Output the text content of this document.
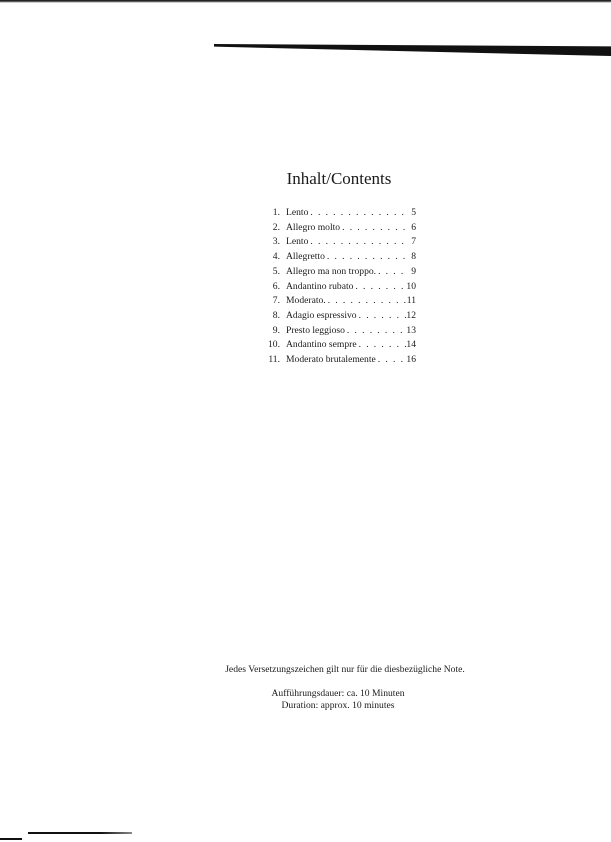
Inhalt/Contents
1. Lento . . .	5
2. Allegro molto . . .	6
3. Lento . . .	7
4. Allegretto . . .	8
5. Allegro ma non troppo. . . .	9
6. Andantino rubato . . .	10
7. Moderato. . . .	11
8. Adagio espressivo . . .	12
9. Presto leggioso . . .	13
10. Andantino sempre . . .	14
11. Moderato brutalemente . . .	16

Jedes Versetzungszeichen gilt nur für die diesbezügliche Note.

Aufführungsdauer: ca. 10 Minuten
Duration: approx. 10 minutes
